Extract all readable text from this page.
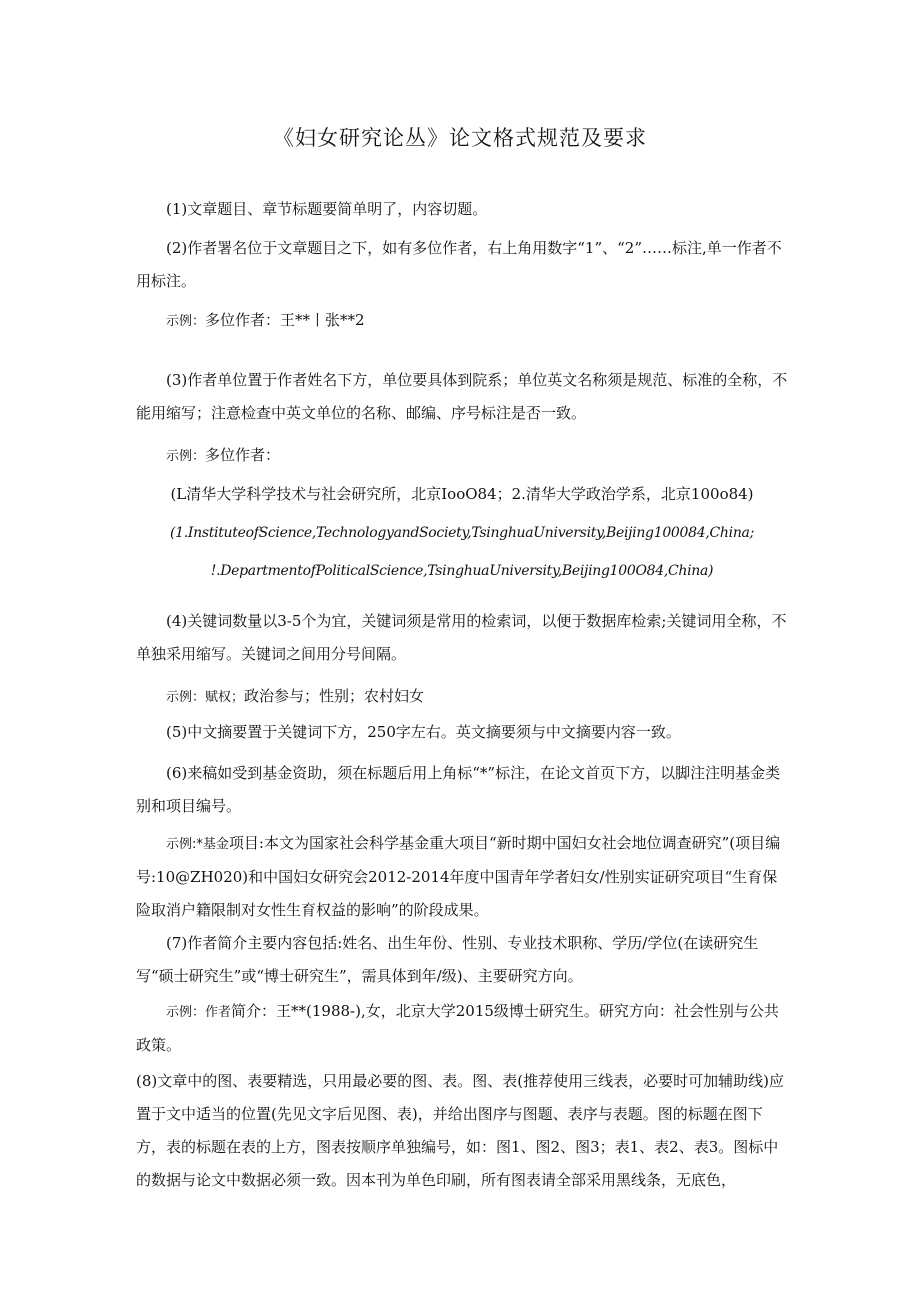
《妇女研究论丛》论文格式规范及要求
(1)文章题目、章节标题要简单明了，内容切题。
(2)作者署名位于文章题目之下，如有多位作者，右上角用数字“1”、“2”……标注,单一作者不用标注。
示例：多位作者：王**丨张**2
(3)作者单位置于作者姓名下方，单位要具体到院系；单位英文名称须是规范、标准的全称，不能用缩写；注意检查中英文单位的名称、邮编、序号标注是否一致。
示例：多位作者：
(L清华大学科学技术与社会研究所，北京IooO84；2.清华大学政治学系，北京100o84)
(1.InstituteofScience,TechnologyandSociety,TsinghuaUniversity,Beijing100084,China;
!.DepartmentofPoliticalScience,TsinghuaUniversity,Beijing100O84,China)
(4)关键词数量以3-5个为宜，关键词须是常用的检索词，以便于数据库检索;关键词用全称，不单独采用缩写。关键词之间用分号间隔。
示例：赋权；政治参与；性别；农村妇女
(5)中文摘要置于关键词下方，250字左右。英文摘要须与中文摘要内容一致。
(6)来稿如受到基金资助，须在标题后用上角标“*”标注，在论文首页下方，以脚注注明基金类别和项目编号。
示例:*基金项目:本文为国家社会科学基金重大项目“新时期中国妇女社会地位调查研究”(项目编号:10@ZH020)和中国妇女研究会2012-2014年度中国青年学者妇女/性别实证研究项目“生育保险取消户籍限制对女性生育权益的影响”的阶段成果。
(7)作者简介主要内容包括:姓名、出生年份、性别、专业技术职称、学历/学位(在读研究生写“硕士研究生”或“博士研究生”，需具体到年/级)、主要研究方向。
示例：作者简介：王**(1988-),女，北京大学2015级博士研究生。研究方向：社会性别与公共政策。
(8)文章中的图、表要精选，只用最必要的图、表。图、表(推荐使用三线表，必要时可加辅助线)应置于文中适当的位置(先见文字后见图、表)，并给出图序与图题、表序与表题。图的标题在图下方，表的标题在表的上方，图表按顺序单独编号，如：图1、图2、图3；表1、表2、表3。图标中的数据与论文中数据必须一致。因本刊为单色印刷，所有图表请全部采用黑线条，无底色，
